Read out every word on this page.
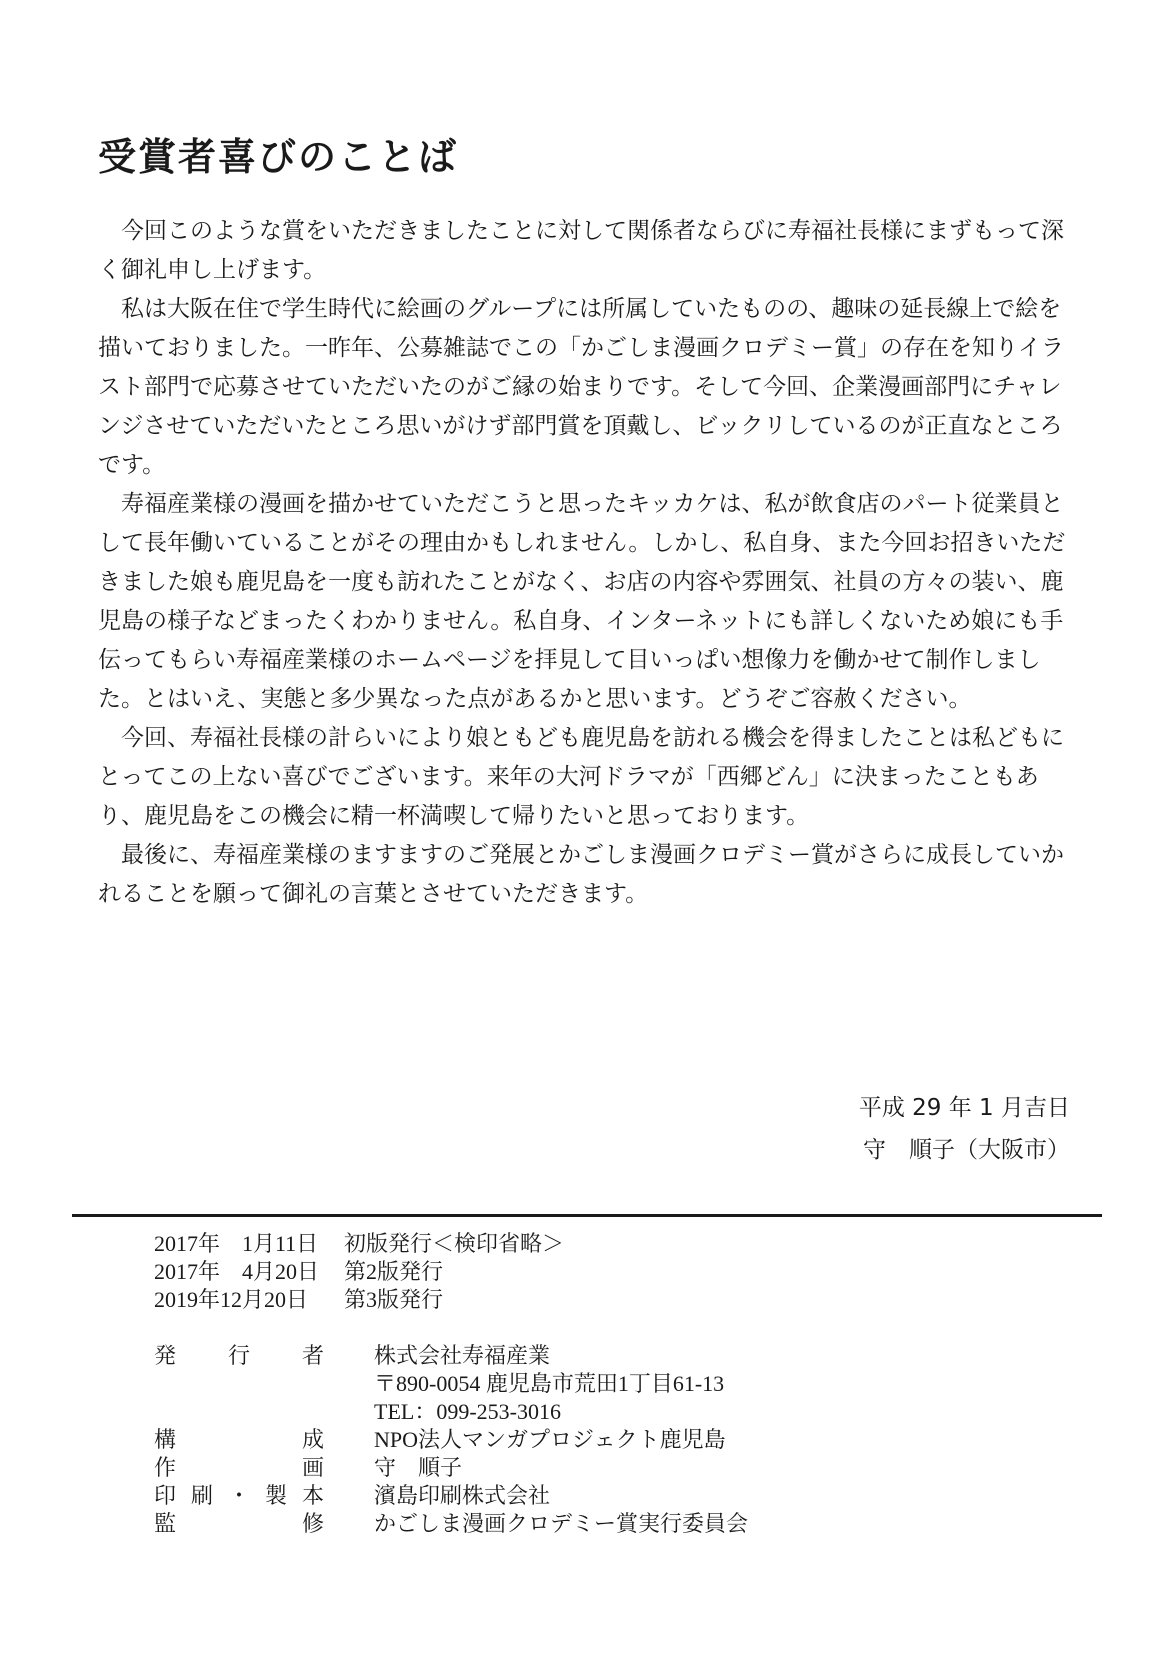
受賞者喜びのことば

今回このような賞をいただきましたことに対して関係者ならびに寿福社長様にまずもって深く御礼申し上げます。

私は大阪在住で学生時代に絵画のグループには所属していたものの、趣味の延長線上で絵を描いておりました。一昨年、公募雑誌でこの「かごしま漫画クロデミー賞」の存在を知りイラスト部門で応募させていただいたのがご縁の始まりです。そして今回、企業漫画部門にチャレンジさせていただいたところ思いがけず部門賞を頂戴し、ビックリしているのが正直なところです。

寿福産業様の漫画を描かせていただこうと思ったキッカケは、私が飲食店のパート従業員として長年働いていることがその理由かもしれません。しかし、私自身、また今回お招きいただきました娘も鹿児島を一度も訪れたことがなく、お店の内容や雰囲気、社員の方々の装い、鹿児島の様子などまったくわかりません。私自身、インターネットにも詳しくないため娘にも手伝ってもらい寿福産業様のホームページを拝見して目いっぱい想像力を働かせて制作しました。とはいえ、実態と多少異なった点があるかと思います。どうぞご容赦ください。

今回、寿福社長様の計らいにより娘ともども鹿児島を訪れる機会を得ましたことは私どもにとってこの上ない喜びでございます。来年の大河ドラマが「西郷どん」に決まったこともあり、鹿児島をこの機会に精一杯満喫して帰りたいと思っております。

最後に、寿福産業様のますますのご発展とかごしま漫画クロデミー賞がさらに成長していかれることを願って御礼の言葉とさせていただきます。

平成 29 年 1 月吉日
守　順子（大阪市）
2017年　1月11日	初版発行＜検印省略＞
2017年　4月20日	第2版発行
2019年12月20日	第3版発行
発行者 株式会社寿福産業
〒890-0054 鹿児島市荒田1丁目61-13
TEL：099-253-3016
構成 NPO法人マンガプロジェクト鹿児島
作画 守　順子
印刷・製本 濱島印刷株式会社
監修 かごしま漫画クロデミー賞実行委員会
